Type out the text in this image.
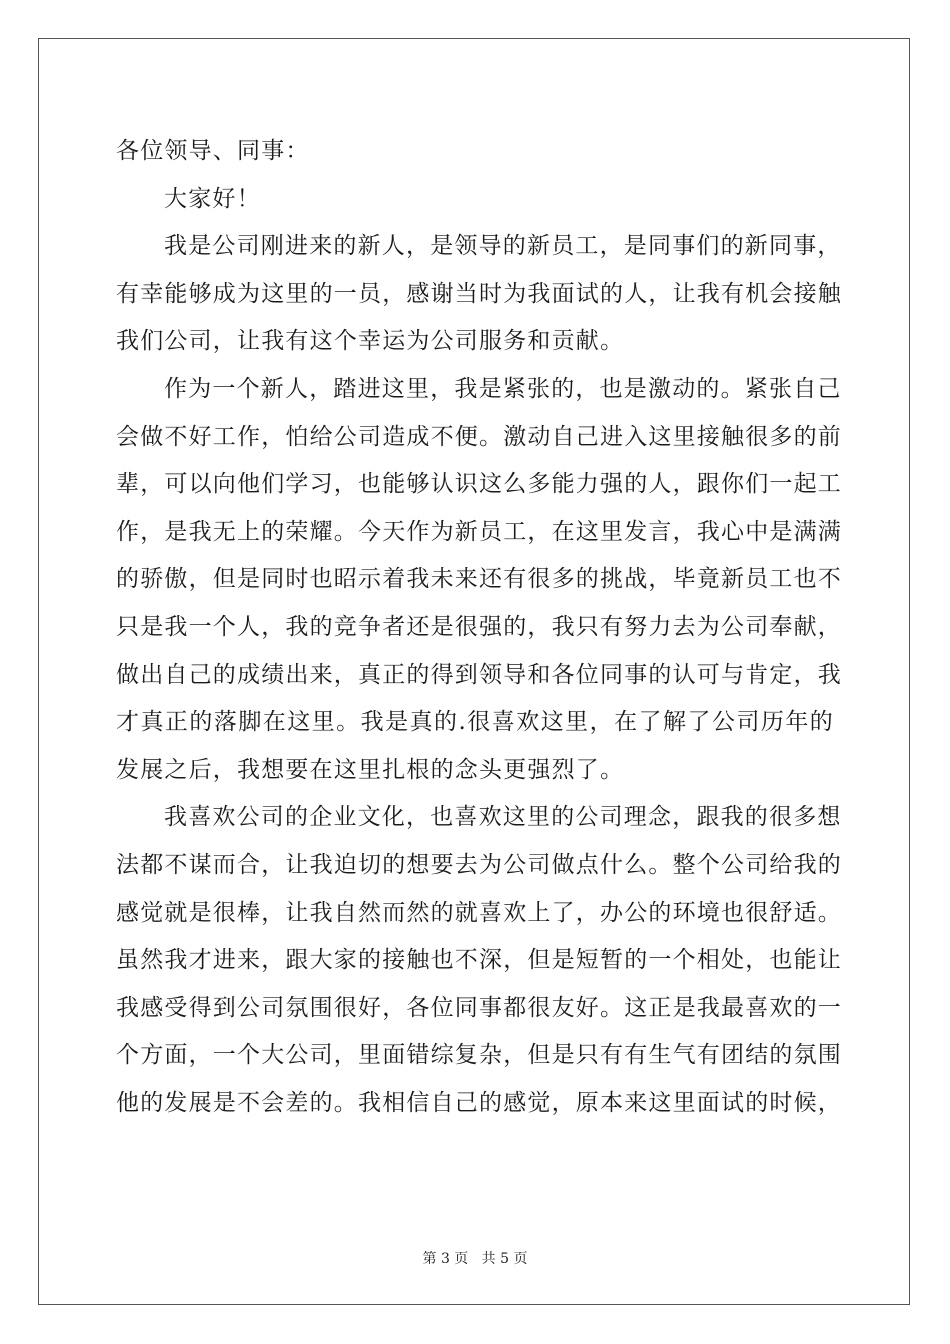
各位领导、同事：
大家好！
我是公司刚进来的新人，是领导的新员工，是同事们的新同事，
有幸能够成为这里的一员，感谢当时为我面试的人，让我有机会接触
我们公司，让我有这个幸运为公司服务和贡献。
作为一个新人，踏进这里，我是紧张的，也是激动的。紧张自己
会做不好工作，怕给公司造成不便。激动自己进入这里接触很多的前
辈，可以向他们学习，也能够认识这么多能力强的人，跟你们一起工
作，是我无上的荣耀。今天作为新员工，在这里发言，我心中是满满
的骄傲，但是同时也昭示着我未来还有很多的挑战，毕竟新员工也不
只是我一个人，我的竞争者还是很强的，我只有努力去为公司奉献，
做出自己的成绩出来，真正的得到领导和各位同事的认可与肯定，我
才真正的落脚在这里。我是真的.很喜欢这里，在了解了公司历年的
发展之后，我想要在这里扎根的念头更强烈了。
我喜欢公司的企业文化，也喜欢这里的公司理念，跟我的很多想
法都不谋而合，让我迫切的想要去为公司做点什么。整个公司给我的
感觉就是很棒，让我自然而然的就喜欢上了，办公的环境也很舒适。
虽然我才进来，跟大家的接触也不深，但是短暂的一个相处，也能让
我感受得到公司氛围很好，各位同事都很友好。这正是我最喜欢的一
个方面，一个大公司，里面错综复杂，但是只有有生气有团结的氛围
他的发展是不会差的。我相信自己的感觉，原本来这里面试的时候，
第 3 页 共 5 页
